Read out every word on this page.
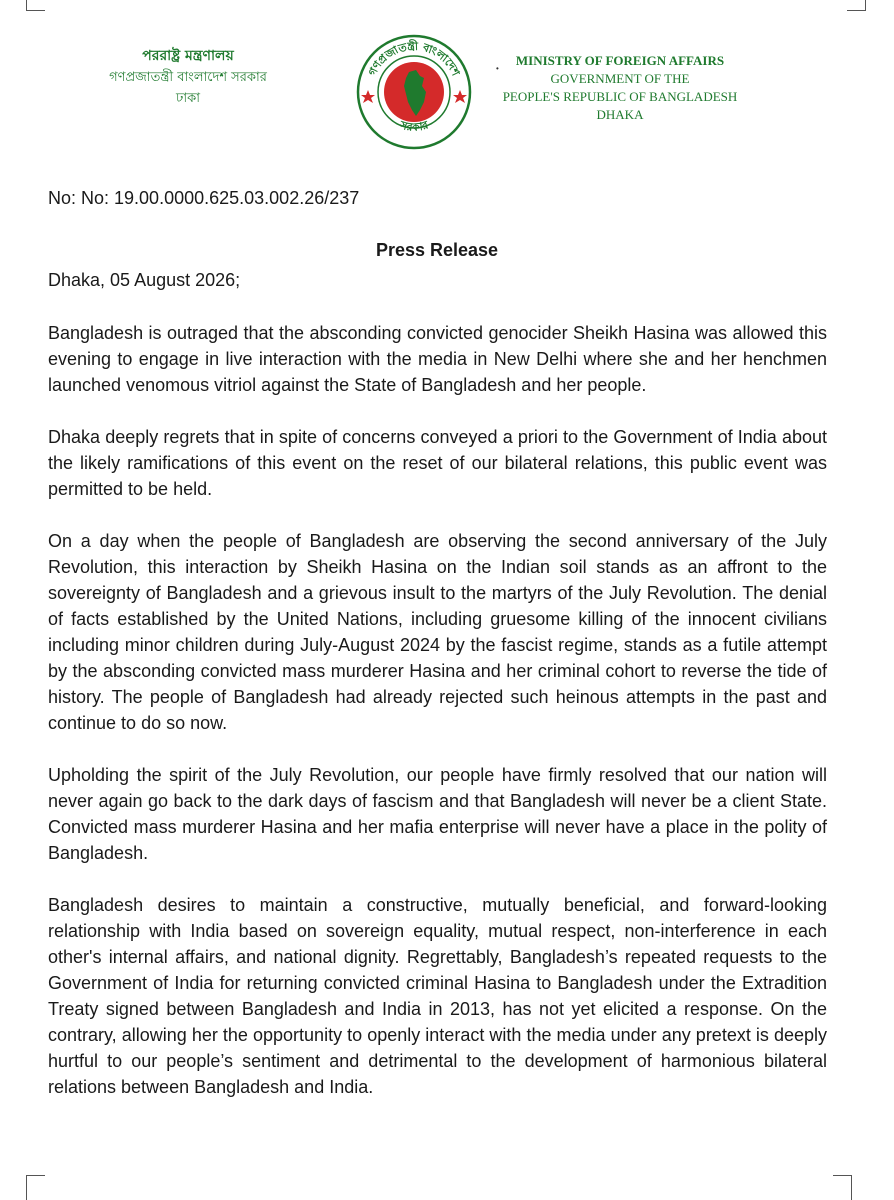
পররাষ্ট্র মন্ত্রণালয়
গণপ্রজাতন্ত্রী বাংলাদেশ সরকার
ঢাকা
গণপ্রজাতন্ত্রী বাংলাদেশ
সরকার
•
MINISTRY OF FOREIGN AFFAIRS
GOVERNMENT OF THE
PEOPLE'S REPUBLIC OF BANGLADESH
DHAKA
No: No: 19.00.0000.625.03.002.26/237
Press Release
Dhaka, 05 August 2026;

Bangladesh is outraged that the absconding convicted genocider Sheikh Hasina was allowed this evening to engage in live interaction with the media in New Delhi where she and her henchmen launched venomous vitriol against the State of Bangladesh and her people.

Dhaka deeply regrets that in spite of concerns conveyed a priori to the Government of India about the likely ramifications of this event on the reset of our bilateral relations, this public event was permitted to be held.

On a day when the people of Bangladesh are observing the second anniversary of the July Revolution, this interaction by Sheikh Hasina on the Indian soil stands as an affront to the sovereignty of Bangladesh and a grievous insult to the martyrs of the July Revolution. The denial of facts established by the United Nations, including gruesome killing of the innocent civilians including minor children during July-August 2024 by the fascist regime, stands as a futile attempt by the absconding convicted mass murderer Hasina and her criminal cohort to reverse the tide of history. The people of Bangladesh had already rejected such heinous attempts in the past and continue to do so now.

Upholding the spirit of the July Revolution, our people have firmly resolved that our nation will never again go back to the dark days of fascism and that Bangladesh will never be a client State. Convicted mass murderer Hasina and her mafia enterprise will never have a place in the polity of Bangladesh.

Bangladesh desires to maintain a constructive, mutually beneficial, and forward-looking relationship with India based on sovereign equality, mutual respect, non-interference in each other's internal affairs, and national dignity. Regrettably, Bangladesh’s repeated requests to the Government of India for returning convicted criminal Hasina to Bangladesh under the Extradition Treaty signed between Bangladesh and India in 2013, has not yet elicited a response. On the contrary, allowing her the opportunity to openly interact with the media under any pretext is deeply hurtful to our people’s sentiment and detrimental to the development of harmonious bilateral relations between Bangladesh and India.
